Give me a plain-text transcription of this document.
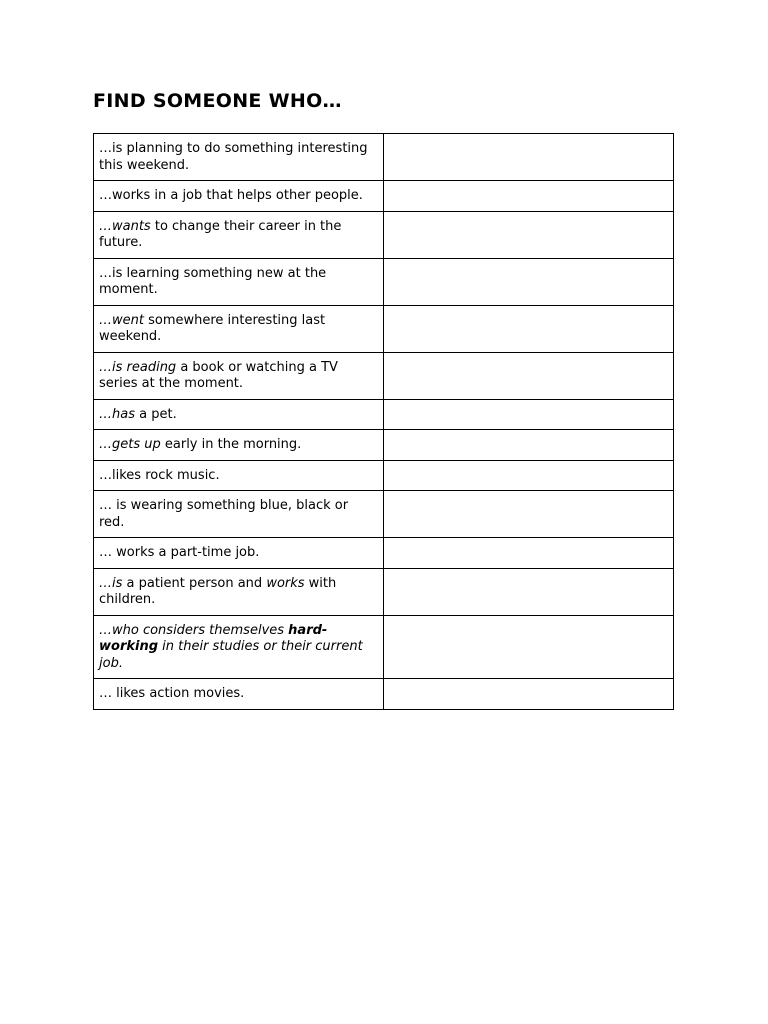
FIND SOMEONE WHO…
…is planning to do something interesting this weekend.	
…works in a job that helps other people.	
…wants to change their career in the future.	
…is learning something new at the moment.	
…went somewhere interesting last weekend.	
…is reading a book or watching a TV series at the moment.	
…has a pet.	
…gets up early in the morning.	
…likes rock music.	
… is wearing something blue, black or red.	
… works a part-time job.	
…is a patient person and works with children.	
…who considers themselves hard-working in their studies or their current job.	
… likes action movies.	
